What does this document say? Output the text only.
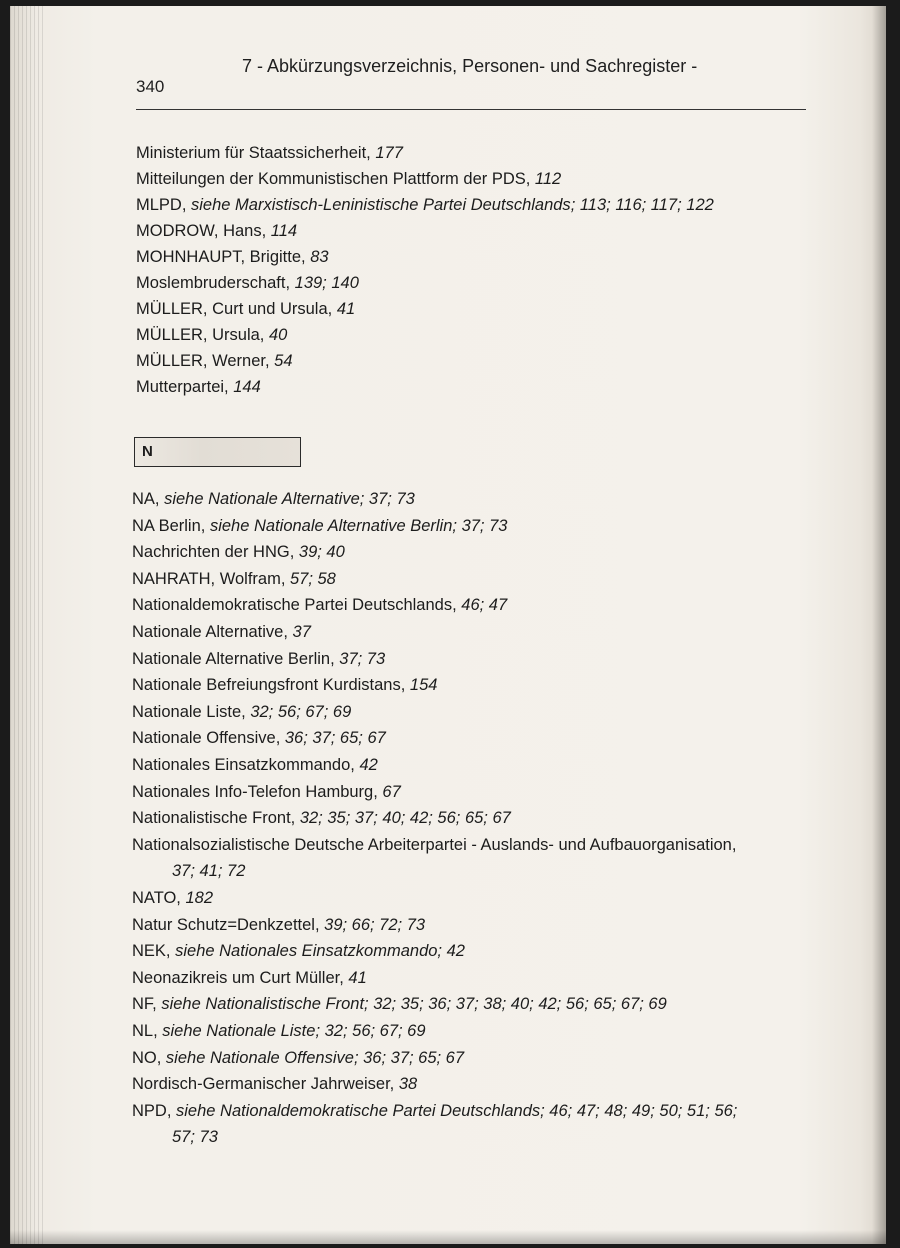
340
7 - Abkürzungsverzeichnis, Personen- und Sachregister -
Ministerium für Staatssicherheit, 177
Mitteilungen der Kommunistischen Plattform der PDS, 112
MLPD, siehe Marxistisch-Leninistische Partei Deutschlands; 113; 116; 117; 122
MODROW, Hans, 114
MOHNHAUPT, Brigitte, 83
Moslembruderschaft, 139; 140
MÜLLER, Curt und Ursula, 41
MÜLLER, Ursula, 40
MÜLLER, Werner, 54
Mutterpartei, 144
N
NA, siehe Nationale Alternative; 37; 73
NA Berlin, siehe Nationale Alternative Berlin; 37; 73
Nachrichten der HNG, 39; 40
NAHRATH, Wolfram, 57; 58
Nationaldemokratische Partei Deutschlands, 46; 47
Nationale Alternative, 37
Nationale Alternative Berlin, 37; 73
Nationale Befreiungsfront Kurdistans, 154
Nationale Liste, 32; 56; 67; 69
Nationale Offensive, 36; 37; 65; 67
Nationales Einsatzkommando, 42
Nationales Info-Telefon Hamburg, 67
Nationalistische Front, 32; 35; 37; 40; 42; 56; 65; 67
Nationalsozialistische Deutsche Arbeiterpartei - Auslands- und Aufbauorganisation,
37; 41; 72
NATO, 182
Natur Schutz=Denkzettel, 39; 66; 72; 73
NEK, siehe Nationales Einsatzkommando; 42
Neonazikreis um Curt Müller, 41
NF, siehe Nationalistische Front; 32; 35; 36; 37; 38; 40; 42; 56; 65; 67; 69
NL, siehe Nationale Liste; 32; 56; 67; 69
NO, siehe Nationale Offensive; 36; 37; 65; 67
Nordisch-Germanischer Jahrweiser, 38
NPD, siehe Nationaldemokratische Partei Deutschlands; 46; 47; 48; 49; 50; 51; 56;
57; 73
